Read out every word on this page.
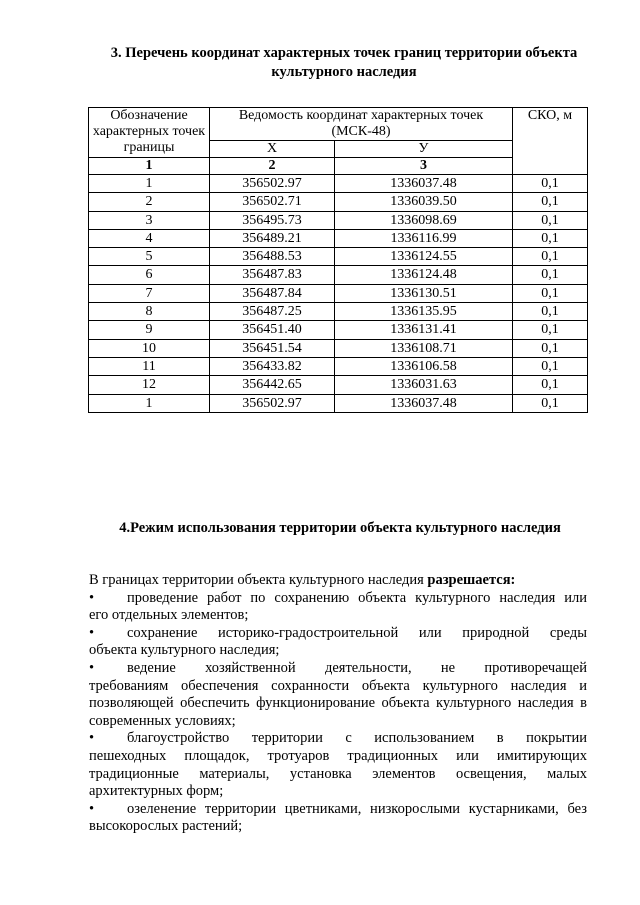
3. Перечень координат характерных точек границ территории объекта культурного наследия
Обозначение характерных точек границы	Ведомость координат характерных точек (МСК-48)		СКО, м
	Х	У	
1	2	3	
1	356502.97	1336037.48	0,1
2	356502.71	1336039.50	0,1
3	356495.73	1336098.69	0,1
4	356489.21	1336116.99	0,1
5	356488.53	1336124.55	0,1
6	356487.83	1336124.48	0,1
7	356487.84	1336130.51	0,1
8	356487.25	1336135.95	0,1
9	356451.40	1336131.41	0,1
10	356451.54	1336108.71	0,1
11	356433.82	1336106.58	0,1
12	356442.65	1336031.63	0,1
1	356502.97	1336037.48	0,1
4.Режим использования территории объекта культурного наследия

В границах территории объекта культурного наследия разрешается:

•	проведение работ по сохранению объекта культурного наследия или
его отдельных элементов;
•	сохранение историко-градостроительной или природной среды
объекта культурного наследия;
•	ведение хозяйственной деятельности, не противоречащей
требованиям обеспечения сохранности объекта культурного наследия и позволяющей обеспечить функционирование объекта культурного наследия в современных условиях;
•	благоустройство территории с использованием в покрытии
пешеходных площадок, тротуаров традиционных или имитирующих традиционные материалы, установка элементов освещения, малых архитектурных форм;
•	озеленение территории цветниками, низкорослыми кустарниками, без
высокорослых растений;
